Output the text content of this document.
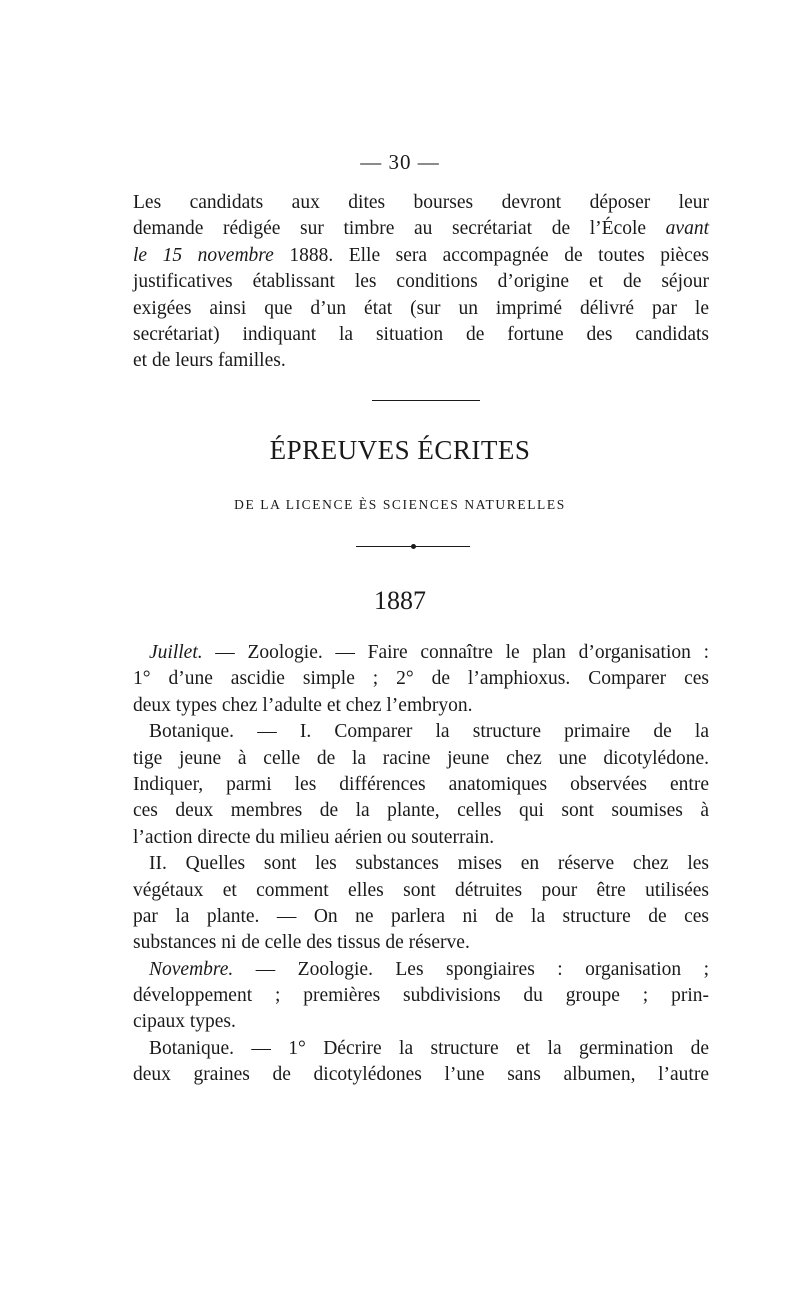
— 30 —
Les candidats aux dites bourses devront déposer leur
demande rédigée sur timbre au secrétariat de l’École avant
le 15 novembre 1888. Elle sera accompagnée de toutes pièces
justificatives établissant les conditions d’origine et de séjour
exigées ainsi que d’un état (sur un imprimé délivré par le
secrétariat) indiquant la situation de fortune des candidats
et de leurs familles.
ÉPREUVES ÉCRITES
DE LA LICENCE ÈS SCIENCES NATURELLES
1887
Juillet. — Zoologie. — Faire connaître le plan d’organisation :
1° d’une ascidie simple ; 2° de l’amphioxus. Comparer ces
deux types chez l’adulte et chez l’embryon.
Botanique. — I. Comparer la structure primaire de la
tige jeune à celle de la racine jeune chez une dicotylédone.
Indiquer, parmi les différences anatomiques observées entre
ces deux membres de la plante, celles qui sont soumises à
l’action directe du milieu aérien ou souterrain.
II. Quelles sont les substances mises en réserve chez les
végétaux et comment elles sont détruites pour être utilisées
par la plante. — On ne parlera ni de la structure de ces
substances ni de celle des tissus de réserve.
Novembre. — Zoologie. Les spongiaires : organisation ;
développement ; premières subdivisions du groupe ; prin-
cipaux types.
Botanique. — 1° Décrire la structure et la germination de
deux graines de dicotylédones l’une sans albumen, l’autre
